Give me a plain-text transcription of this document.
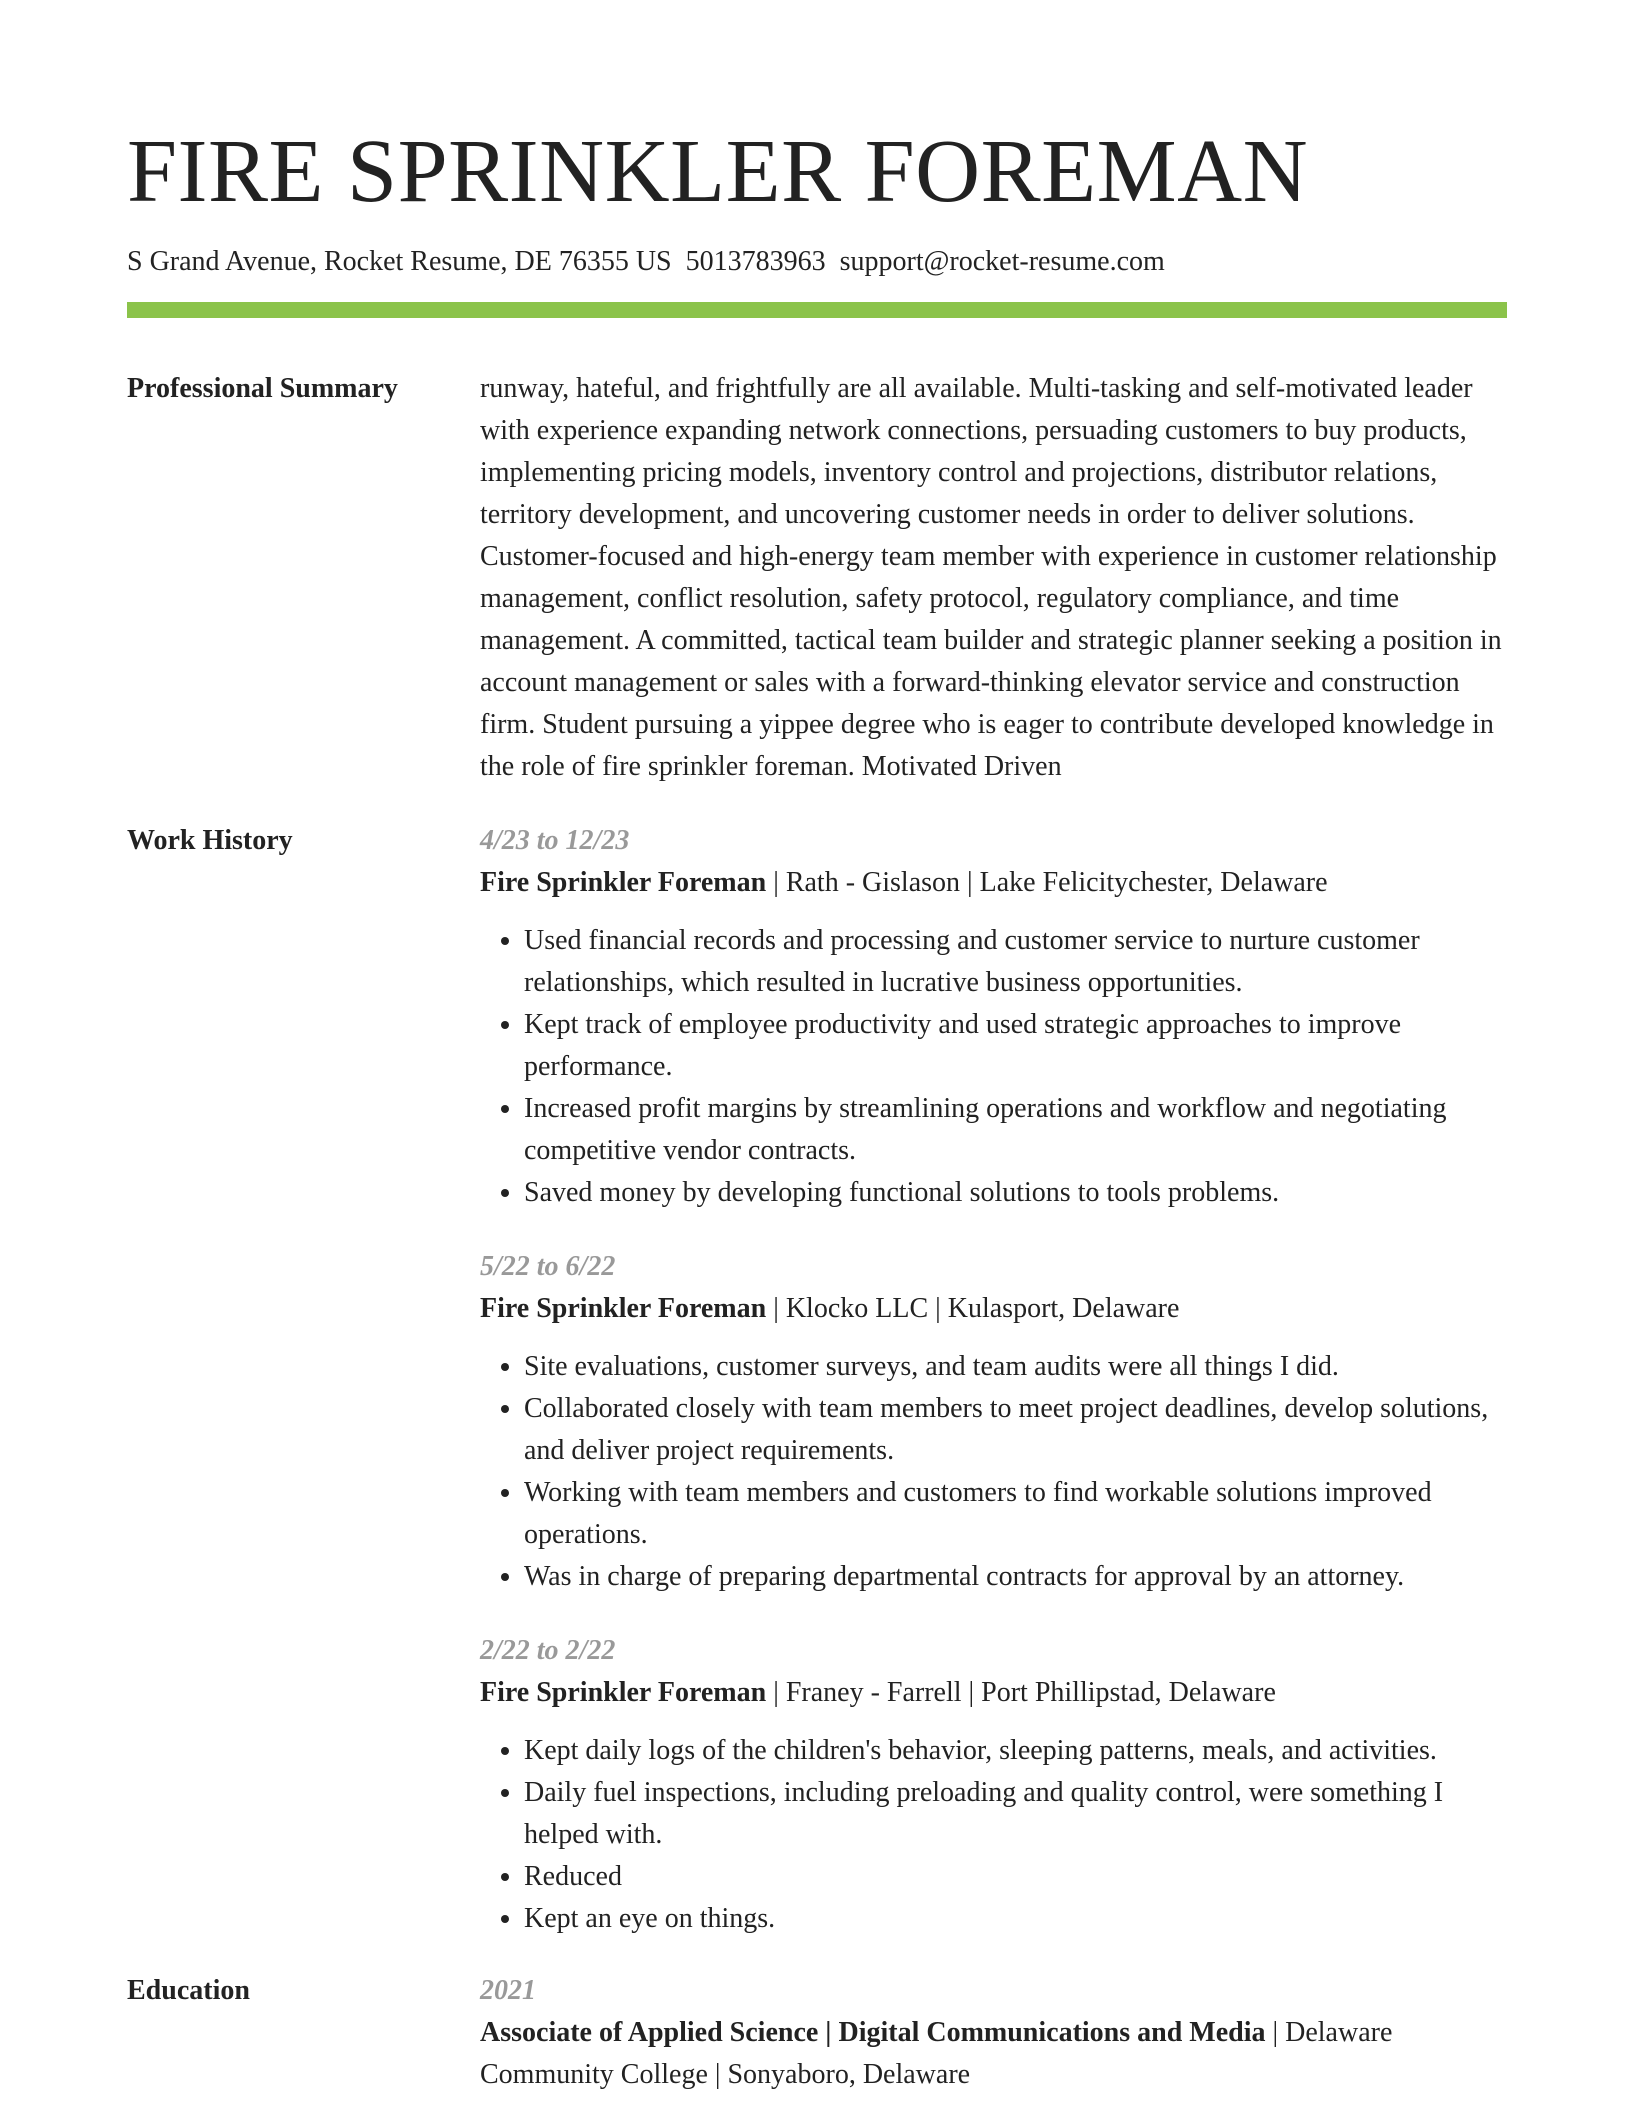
FIRE SPRINKLER FOREMAN
S Grand Avenue, Rocket Resume, DE 76355 US 5013783963 support@rocket-resume.com
Professional Summary	runway, hateful, and frightfully are all available. Multi-tasking and self-motivated leader with experience expanding network connections, persuading customers to buy products, implementing pricing models, inventory control and projections, distributor relations, territory development, and uncovering customer needs in order to deliver solutions. Customer-focused and high-energy team member with experience in customer relationship management, conflict resolution, safety protocol, regulatory compliance, and time management. A committed, tactical team builder and strategic planner seeking a position in account management or sales with a forward-thinking elevator service and construction firm. Student pursuing a yippee degree who is eager to contribute developed knowledge in the role of fire sprinkler foreman. Motivated Driven

Work History	4/23 to 12/23
Fire Sprinkler Foreman | Rath - Gislason | Lake Felicitychester, Delaware
• Used financial records and processing and customer service to nurture customer relationships, which resulted in lucrative business opportunities.
• Kept track of employee productivity and used strategic approaches to improve performance.
• Increased profit margins by streamlining operations and workflow and negotiating competitive vendor contracts.
• Saved money by developing functional solutions to tools problems.
5/22 to 6/22
Fire Sprinkler Foreman | Klocko LLC | Kulasport, Delaware
• Site evaluations, customer surveys, and team audits were all things I did.
• Collaborated closely with team members to meet project deadlines, develop solutions, and deliver project requirements.
• Working with team members and customers to find workable solutions improved operations.
• Was in charge of preparing departmental contracts for approval by an attorney.
2/22 to 2/22
Fire Sprinkler Foreman | Franey - Farrell | Port Phillipstad, Delaware
• Kept daily logs of the children's behavior, sleeping patterns, meals, and activities.
• Daily fuel inspections, including preloading and quality control, were something I helped with.
• Reduced
• Kept an eye on things.
Education	2021
Associate of Applied Science | Digital Communications and Media | Delaware Community College | Sonyaboro, Delaware
